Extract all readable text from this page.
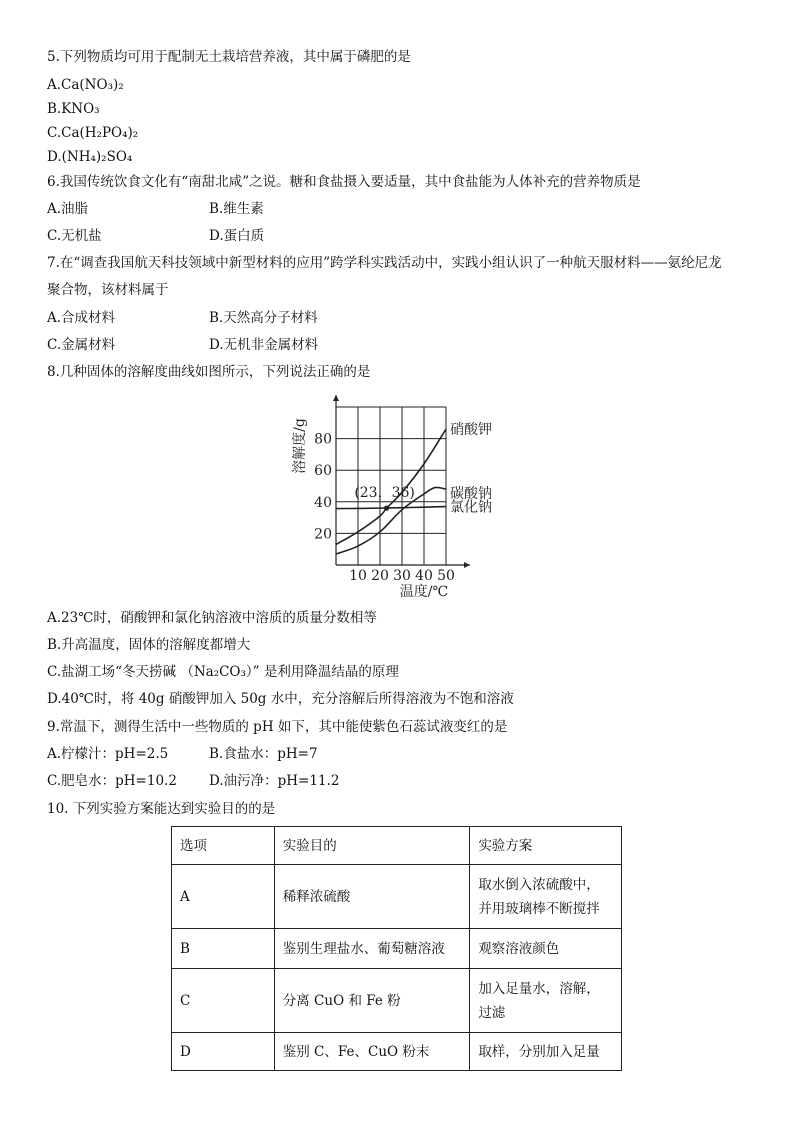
5.下列物质均可用于配制无土栽培营养液，其中属于磷肥的是
A.Ca(NO₃)₂
B.KNO₃
C.Ca(H₂PO₄)₂
D.(NH₄)₂SO₄
6.我国传统饮食文化有“南甜北咸”之说。糖和食盐摄入要适量，其中食盐能为人体补充的营养物质是
A.油脂	B.维生素
C.无机盐	D.蛋白质
7.在“调查我国航天科技领域中新型材料的应用”跨学科实践活动中，实践小组认识了一种航天服材料——氨纶尼龙
聚合物，该材料属于
A.合成材料	B.天然高分子材料
C.金属材料	D.无机非金属材料
8.几种固体的溶解度曲线如图所示，下列说法正确的是
10 20 30 40 50
20
40
60
80
温度/℃
溶解度/g	硝酸钾
碳酸钠
氯化钠
(23，36)
A.23℃时，硝酸钾和氯化钠溶液中溶质的质量分数相等
B.升高温度，固体的溶解度都增大
C.盐湖工场“冬天捞碱 （Na₂CO₃）” 是利用降温结晶的原理
D.40℃时，将 40g 硝酸钾加入 50g 水中，充分溶解后所得溶液为不饱和溶液
9.常温下，测得生活中一些物质的 pH 如下，其中能使紫色石蕊试液变红的是
A.柠檬汁：pH=2.5	B.食盐水：pH=7
C.肥皂水：pH=10.2 D.油污净：pH=11.2
10. 下列实验方案能达到实验目的的是
选项	实验目的	实验方案
A	稀释浓硫酸	取水倒入浓硫酸中，
并用玻璃棒不断搅拌

B	鉴别生理盐水、葡萄糖溶液	观察溶液颜色

C	分离 CuO 和 Fe 粉	加入足量水，溶解，
过滤

D	鉴别 C、Fe、CuO 粉末	取样，分别加入足量
